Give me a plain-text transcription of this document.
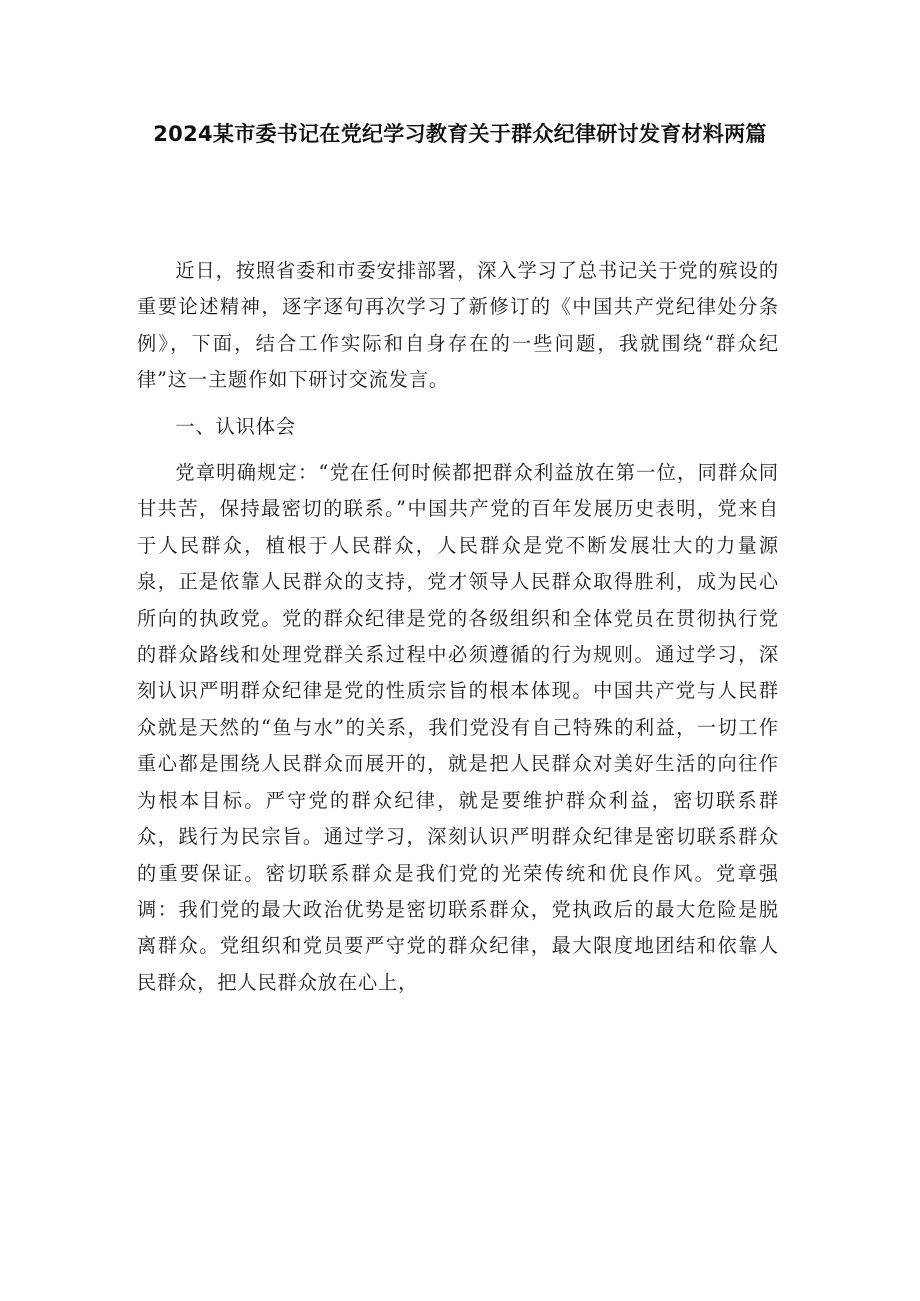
2024某市委书记在党纪学习教育关于群众纪律研讨发育材料两篇

近日，按照省委和市委安排部署，深入学习了总书记关于党的殡设的重要论述精神，逐字逐句再次学习了新修订的《中国共产党纪律处分条例》，下面，结合工作实际和自身存在的一些问题，我就围绕“群众纪律”这一主题作如下研讨交流发言。

一、认识体会

党章明确规定：“党在任何时候都把群众利益放在第一位，同群众同甘共苦，保持最密切的联系。”中国共产党的百年发展历史表明，党来自于人民群众，植根于人民群众，人民群众是党不断发展壮大的力量源泉，正是依靠人民群众的支持，党才领导人民群众取得胜利，成为民心所向的执政党。党的群众纪律是党的各级组织和全体党员在贯彻执行党的群众路线和处理党群关系过程中必须遵循的行为规则。通过学习，深刻认识严明群众纪律是党的性质宗旨的根本体现。中国共产党与人民群众就是天然的“鱼与水”的关系，我们党没有自己特殊的利益，一切工作重心都是围绕人民群众而展开的，就是把人民群众对美好生活的向往作为根本目标。严守党的群众纪律，就是要维护群众利益，密切联系群众，践行为民宗旨。通过学习，深刻认识严明群众纪律是密切联系群众的重要保证。密切联系群众是我们党的光荣传统和优良作风。党章强调：我们党的最大政治优势是密切联系群众，党执政后的最大危险是脱离群众。党组织和党员要严守党的群众纪律，最大限度地团结和依靠人民群众，把人民群众放在心上，
